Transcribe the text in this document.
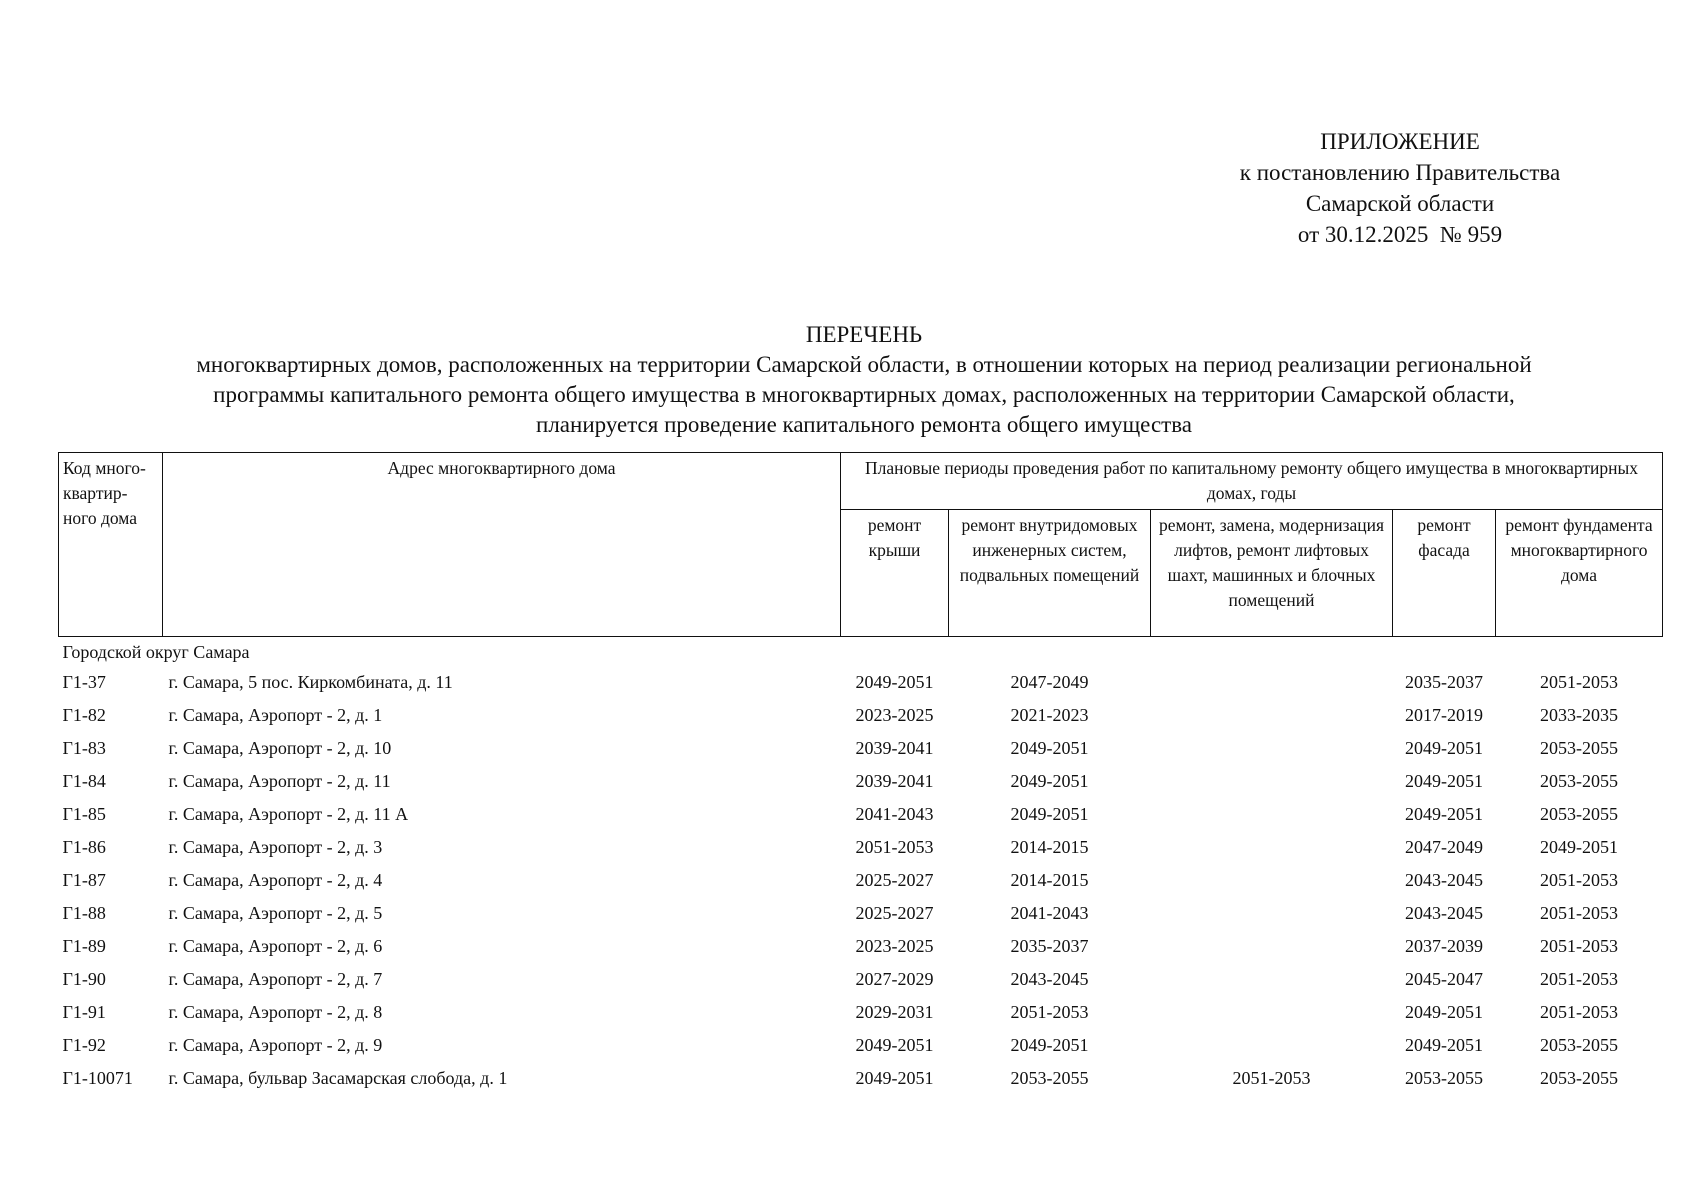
ПРИЛОЖЕНИЕ
к постановлению Правительства
Самарской области
от 30.12.2025  № 959
ПЕРЕЧЕНЬ
многоквартирных домов, расположенных на территории Самарской области, в отношении которых на период реализации региональной
программы капитального ремонта общего имущества в многоквартирных домах, расположенных на территории Самарской области,
планируется проведение капитального ремонта общего имущества
Код много-квартир-ного дома	Адрес многоквартирного дома	Плановые периоды проведения работ по капитальному ремонту общего имущества в многоквартирных домах, годы				
		ремонт крыши	ремонт внутридомовых инженерных систем, подвальных помещений	ремонт, замена, модернизация лифтов, ремонт лифтовых шахт, машинных и блочных помещений	ремонт фасада	ремонт фундамента многоквартирного дома
Городской округ Самара						
Г1-37	г. Самара, 5 пос. Киркомбината, д. 11	2049-2051	2047-2049		2035-2037	2051-2053
Г1-82	г. Самара, Аэропорт - 2, д. 1	2023-2025	2021-2023		2017-2019	2033-2035
Г1-83	г. Самара, Аэропорт - 2, д. 10	2039-2041	2049-2051		2049-2051	2053-2055
Г1-84	г. Самара, Аэропорт - 2, д. 11	2039-2041	2049-2051		2049-2051	2053-2055
Г1-85	г. Самара, Аэропорт - 2, д. 11 А	2041-2043	2049-2051		2049-2051	2053-2055
Г1-86	г. Самара, Аэропорт - 2, д. 3	2051-2053	2014-2015		2047-2049	2049-2051
Г1-87	г. Самара, Аэропорт - 2, д. 4	2025-2027	2014-2015		2043-2045	2051-2053
Г1-88	г. Самара, Аэропорт - 2, д. 5	2025-2027	2041-2043		2043-2045	2051-2053
Г1-89	г. Самара, Аэропорт - 2, д. 6	2023-2025	2035-2037		2037-2039	2051-2053
Г1-90	г. Самара, Аэропорт - 2, д. 7	2027-2029	2043-2045		2045-2047	2051-2053
Г1-91	г. Самара, Аэропорт - 2, д. 8	2029-2031	2051-2053		2049-2051	2051-2053
Г1-92	г. Самара, Аэропорт - 2, д. 9	2049-2051	2049-2051		2049-2051	2053-2055
Г1-10071	г. Самара, бульвар Засамарская слобода, д. 1	2049-2051	2053-2055	2051-2053	2053-2055	2053-2055
